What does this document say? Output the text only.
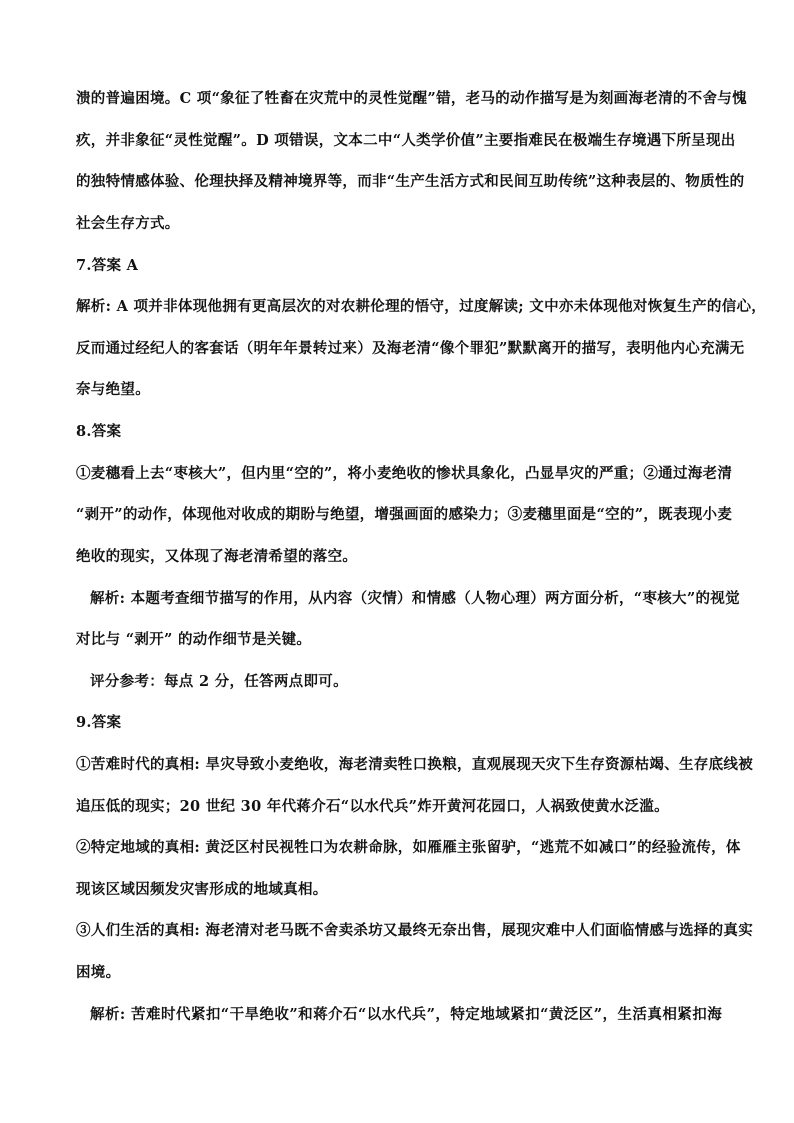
溃的普遍困境。C 项“象征了牲畜在灾荒中的灵性觉醒”错，老马的动作描写是为刻画海老清的不舍与愧
疚，并非象征“灵性觉醒”。D 项错误，文本二中“人类学价值”主要指难民在极端生存境遇下所呈现出
的独特情感体验、伦理抉择及精神境界等，而非“生产生活方式和民间互助传统”这种表层的、物质性的
社会生存方式。
7.答案 A
解析: A 项并非体现他拥有更高层次的对农耕伦理的悟守，过度解读; 文中亦未体现他对恢复生产的信心，
反而通过经纪人的客套话（明年年景转过来）及海老清“像个罪犯”默默离开的描写，表明他内心充满无
奈与绝望。
8.答案
①麦穗看上去“枣核大”，但内里“空的”，将小麦绝收的惨状具象化，凸显旱灾的严重；②通过海老清
“剥开”的动作，体现他对收成的期盼与绝望，增强画面的感染力；③麦穗里面是“空的”，既表现小麦
绝收的现实，又体现了海老清希望的落空。
解析: 本题考查细节描写的作用，从内容（灾情）和情感（人物心理）两方面分析，“枣核大”的视觉
对比与 “剥开” 的动作细节是关键。
评分参考：每点 2 分，任答两点即可。
9.答案
①苦难时代的真相: 旱灾导致小麦绝收，海老清卖牲口换粮，直观展现天灾下生存资源枯竭、生存底线被
追压低的现实；20 世纪 30 年代蒋介石“以水代兵”炸开黄河花园口，人祸致使黄水泛滥。
②特定地域的真相: 黄泛区村民视牲口为农耕命脉，如雁雁主张留驴，“逃荒不如减口”的经验流传，体
现该区域因频发灾害形成的地域真相。
③人们生活的真相: 海老清对老马既不舍卖杀坊又最终无奈出售，展现灾难中人们面临情感与选择的真实
困境。
解析: 苦难时代紧扣“干旱绝收”和蒋介石“以水代兵”，特定地域紧扣“黄泛区”，生活真相紧扣海
